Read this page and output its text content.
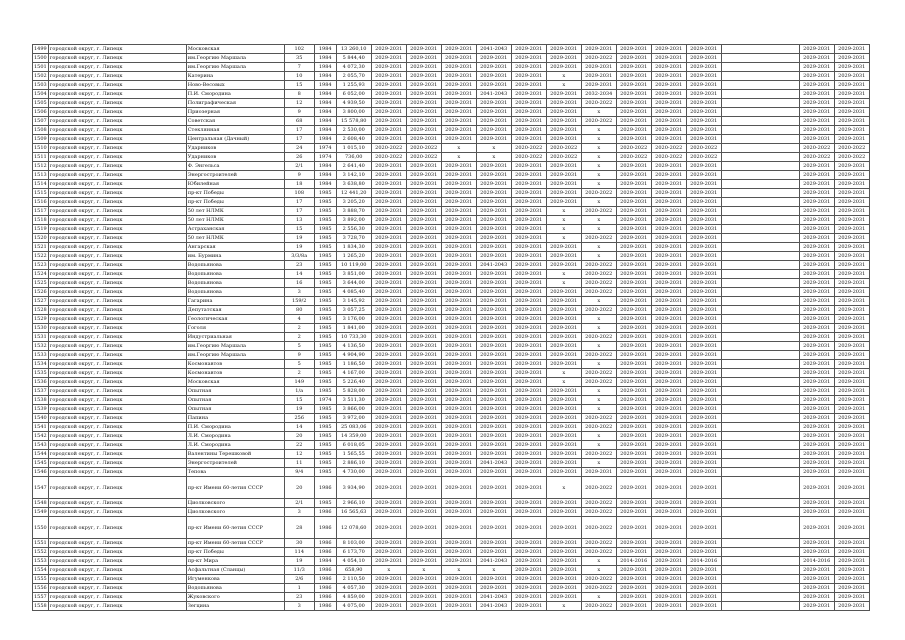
1499	городской округ, г. Липецк	Московская	102	1984	13 260,10	2029-2031	2029-2031	2029-2031	2041-2043	2029-2031	2029-2031	2029-2031	2029-2031	2029-2031	2029-2031		2029-2031	2029-2031
1500	городской округ, г. Липецк	им.Георгию Маршала	35	1984	5 844,40	2029-2031	2029-2031	2029-2031	2029-2031	2029-2031	2029-2031	2020-2022	2029-2031	2029-2031	2029-2031		2029-2031	2029-2031
1501	городской округ, г. Липецк	им.Георгию Маршала	7	1984	4 072,30	2029-2031	2029-2031	2029-2031	2029-2031	2029-2031	2029-2031	2029-2031	2029-2031	2029-2031	2029-2031		2029-2031	2029-2031
1502	городской округ, г. Липецк	Катерина	10	1984	2 055,70	2029-2031	2029-2031	2029-2031	2029-2031	2029-2031	x	2029-2031	2029-2031	2029-2031	2029-2031		2029-2031	2029-2031
1503	городской округ, г. Липецк	Ново-Весовых	15	1984	1 255,93	2029-2031	2029-2031	2029-2031	2029-2031	2029-2031	x	2029-2031	2029-2031	2029-2031	2029-2031		2029-2031	2029-2031
1504	городской округ, г. Липецк	П.И. Смородина	8	1984	6 052,00	2029-2031	2029-2031	2029-2031	2041-2043	2029-2031	2029-2031	2032-2034	2029-2031	2029-2031	2029-2031		2029-2031	2029-2031
1505	городской округ, г. Липецк	Полиграфическая	12	1984	4 939,50	2029-2031	2029-2031	2029-2031	2029-2031	2029-2031	2029-2031	2020-2022	2029-2031	2029-2031	2029-2031		2029-2031	2029-2031
1506	городской округ, г. Липецк	Приозерная	9	1984	3 800,00	2029-2031	2029-2031	2029-2031	2029-2031	2029-2031	2029-2031	x	2029-2031	2029-2031	2029-2031		2029-2031	2029-2031
1507	городской округ, г. Липецк	Советская	68	1984	15 578,80	2029-2031	2029-2031	2029-2031	2029-2031	2029-2031	2029-2031	2020-2022	2029-2031	2029-2031	2029-2031		2029-2031	2029-2031
1508	городской округ, г. Липецк	Стеклянная	17	1984	2 530,00	2029-2031	2029-2031	2029-2031	2029-2031	2029-2031	2029-2031	x	2029-2031	2029-2031	2029-2031		2029-2031	2029-2031
1509	городской округ, г. Липецк	Центральная (Дачный)	17	1984	2 608,40	2029-2031	2029-2031	2029-2031	2029-2031	2029-2031	2029-2031	x	2029-2031	2029-2031	2029-2031		2029-2031	2029-2031
1510	городской округ, г. Липецк	Ударников	24	1974	1 015,10	2020-2022	2020-2022	x	x	2020-2022	2020-2022	x	2020-2022	2020-2022	2020-2022		2020-2022	2020-2022
1511	городской округ, г. Липецк	Ударников	26	1974	736,00	2020-2022	2020-2022	x	x	2020-2022	2020-2022	x	2020-2022	2020-2022	2020-2022		2020-2022	2020-2022
1512	городской округ, г. Липецк	Ф. Энгельса	2/1	1984	2 641,40	2029-2031	2029-2031	2029-2031	2029-2031	2029-2031	2029-2031	x	2029-2031	2029-2031	2029-2031		2029-2031	2029-2031
1513	городской округ, г. Липецк	Энергостроителей	9	1984	3 142,10	2029-2031	2029-2031	2029-2031	2029-2031	2029-2031	2029-2031	x	2029-2031	2029-2031	2029-2031		2029-2031	2029-2031
1514	городской округ, г. Липецк	Юбилейная	18	1984	3 638,80	2029-2031	2029-2031	2029-2031	2029-2031	2029-2031	2029-2031	x	2029-2031	2029-2031	2029-2031		2029-2031	2029-2031
1515	городской округ, г. Липецк	пр-кт Победы	108	1985	12 441,20	2029-2031	2029-2031	2029-2031	2029-2031	2029-2031	2029-2031	2020-2022	2029-2031	2029-2031	2029-2031		2029-2031	2029-2031
1516	городской округ, г. Липецк	пр-кт Победы	17	1985	3 205,20	2029-2031	2029-2031	2029-2031	2029-2031	2029-2031	2029-2031	x	2029-2031	2029-2031	2029-2031		2029-2031	2029-2031
1517	городской округ, г. Липецк	50 лет НЛМК	17	1985	3 888,70	2029-2031	2029-2031	2029-2031	2029-2031	2029-2031	x	2020-2022	2029-2031	2029-2031	2029-2031		2029-2031	2029-2031
1518	городской округ, г. Липецк	50 лет НЛМК	13	1985	3 892,00	2029-2031	2029-2031	2029-2031	2029-2031	2029-2031	x	x	2029-2031	2029-2031	2029-2031		2029-2031	2029-2031
1519	городской округ, г. Липецк	Астраханская	15	1985	2 556,30	2029-2031	2029-2031	2029-2031	2029-2031	2029-2031	x	x	2029-2031	2029-2031	2029-2031		2029-2031	2029-2031
1520	городской округ, г. Липецк	50 лет НЛМК	19	1985	3 728,70	2029-2031	2029-2031	2029-2031	2029-2031	2029-2031	x	2020-2022	2029-2031	2029-2031	2029-2031		2029-2031	2029-2031
1521	городской округ, г. Липецк	Ангарская	19	1985	1 834,30	2029-2031	2029-2031	2029-2031	2029-2031	2029-2031	2029-2031	x	2029-2031	2029-2031	2029-2031		2029-2031	2029-2031
1522	городской округ, г. Липецк	им. Бурмина	3/3/8а	1985	1 265,20	2029-2031	2029-2031	2029-2031	2029-2031	2029-2031	2029-2031	x	2029-2031	2029-2031	2029-2031		2029-2031	2029-2031
1523	городской округ, г. Липецк	Водопьянова	23	1985	10 119,00	2029-2031	2029-2031	2029-2031	2041-2043	2029-2031	2029-2031	2020-2022	2029-2031	2029-2031	2029-2031		2029-2031	2029-2031
1524	городской округ, г. Липецк	Водопьянова	14	1985	3 851,00	2029-2031	2029-2031	2029-2031	2029-2031	2029-2031	x	2020-2022	2029-2031	2029-2031	2029-2031		2029-2031	2029-2031
1525	городской округ, г. Липецк	Водопьянова	16	1985	3 644,00	2029-2031	2029-2031	2029-2031	2029-2031	2029-2031	x	2020-2022	2029-2031	2029-2031	2029-2031		2029-2031	2029-2031
1526	городской округ, г. Липецк	Водопьянова	3	1985	4 085,40	2029-2031	2029-2031	2029-2031	2029-2031	2029-2031	2029-2031	2020-2022	2029-2031	2029-2031	2029-2031		2029-2031	2029-2031
1527	городской округ, г. Липецк	Гагарина	159/2	1985	3 145,92	2029-2031	2029-2031	2029-2031	2029-2031	2029-2031	2029-2031	x	2029-2031	2029-2031	2029-2031		2029-2031	2029-2031
1528	городской округ, г. Липецк	Депутатская	80	1985	3 057,25	2029-2031	2029-2031	2029-2031	2029-2031	2029-2031	2029-2031	2020-2022	2029-2031	2029-2031	2029-2031		2029-2031	2029-2031
1529	городской округ, г. Липецк	Геологическая	4	1985	3 176,00	2029-2031	2029-2031	2029-2031	2029-2031	2029-2031	2029-2031	x	2029-2031	2029-2031	2029-2031		2029-2031	2029-2031
1530	городской округ, г. Липецк	Гоголя	2	1985	1 841,00	2029-2031	2029-2031	2029-2031	2029-2031	2029-2031	2029-2031	x	2029-2031	2029-2031	2029-2031		2029-2031	2029-2031
1531	городской округ, г. Липецк	Индустриальная	2	1985	10 733,30	2029-2031	2029-2031	2029-2031	2029-2031	2029-2031	2029-2031	2020-2022	2029-2031	2029-2031	2029-2031		2029-2031	2029-2031
1532	городской округ, г. Липецк	им.Георгию Маршала	5	1985	4 136,50	2029-2031	2029-2031	2029-2031	2029-2031	2029-2031	2029-2031	x	2029-2031	2029-2031	2029-2031		2029-2031	2029-2031
1533	городской округ, г. Липецк	им.Георгию Маршала	9	1985	4 904,90	2029-2031	2029-2031	2029-2031	2029-2031	2029-2031	2029-2031	2020-2022	2029-2031	2029-2031	2029-2031		2029-2031	2029-2031
1534	городской округ, г. Липецк	Космонавтов	5	1985	1 186,50	2029-2031	2029-2031	2029-2031	2029-2031	2029-2031	2029-2031	x	2029-2031	2029-2031	2029-2031		2029-2031	2029-2031
1535	городской округ, г. Липецк	Космонавтов	2	1985	4 167,00	2029-2031	2029-2031	2029-2031	2029-2031	2029-2031	x	2020-2022	2029-2031	2029-2031	2029-2031		2029-2031	2029-2031
1536	городской округ, г. Липецк	Московская	149	1985	5 226,40	2029-2031	2029-2031	2029-2031	2029-2031	2029-2031	x	2020-2022	2029-2031	2029-2031	2029-2031		2029-2031	2029-2031
1537	городской округ, г. Липецк	Опытная	1/а	1985	5 828,00	2029-2031	2029-2031	2029-2031	2029-2031	2029-2031	2029-2031	x	2029-2031	2029-2031	2029-2031		2029-2031	2029-2031
1538	городской округ, г. Липецк	Опытная	15	1974	3 511,30	2029-2031	2029-2031	2029-2031	2029-2031	2029-2031	2029-2031	x	2029-2031	2029-2031	2029-2031		2029-2031	2029-2031
1539	городской округ, г. Липецк	Опытная	19	1985	3 866,00	2029-2031	2029-2031	2029-2031	2029-2031	2029-2031	2029-2031	x	2029-2031	2029-2031	2029-2031		2029-2031	2029-2031
1540	городской округ, г. Липецк	Папина	256	1985	3 972,00	2029-2031	2029-2031	2029-2031	2029-2031	2029-2031	2029-2031	2020-2022	2029-2031	2029-2031	2029-2031		2029-2031	2029-2031
1541	городской округ, г. Липецк	П.И. Смородина	14	1985	25 083,06	2029-2031	2029-2031	2029-2031	2029-2031	2029-2031	2029-2031	2020-2022	2029-2031	2029-2031	2029-2031		2029-2031	2029-2031
1542	городской округ, г. Липецк	Л.И. Смородина	20	1985	14 359,00	2029-2031	2029-2031	2029-2031	2029-2031	2029-2031	2029-2031	x	2029-2031	2029-2031	2029-2031		2029-2031	2029-2031
1543	городской округ, г. Липецк	Л.И. Смородина	22	1985	6 018,05	2029-2031	2029-2031	2029-2031	2029-2031	2029-2031	2029-2031	x	2029-2031	2029-2031	2029-2031		2029-2031	2029-2031
1544	городской округ, г. Липецк	Валентины Терешковой	12	1985	1 565,55	2029-2031	2029-2031	2029-2031	2029-2031	2029-2031	2029-2031	2020-2022	2029-2031	2029-2031	2029-2031		2029-2031	2029-2031
1545	городской округ, г. Липецк	Энергостроителей	11	1985	2 886,10	2029-2031	2029-2031	2029-2031	2041-2043	2029-2031	2029-2031	x	2029-2031	2029-2031	2029-2031		2029-2031	2029-2031
1546	городской округ, г. Липецк	Тепова	9/4	1985	4 730,00	2029-2031	2029-2031	2029-2031	2029-2031	2029-2031	2029-2031	2029-2031	2029-2031	2029-2031	2029-2031		2029-2031	2029-2031
1547	городской округ, г. Липецк	пр-кт Имени 60-летия СССР	20	1986	3 934,90	2029-2031	2029-2031	2029-2031	2029-2031	2029-2031	x	2020-2022	2029-2031	2029-2031	2029-2031		2029-2031	2029-2031
1548	городской округ, г. Липецк	Циолковского	2/1	1985	2 966,10	2029-2031	2029-2031	2029-2031	2029-2031	2029-2031	2029-2031	2020-2022	2029-2031	2029-2031	2029-2031		2029-2031	2029-2031
1549	городской округ, г. Липецк	Циолковского	3	1986	16 565,63	2029-2031	2029-2031	2029-2031	2029-2031	2029-2031	2029-2031	2020-2022	2029-2031	2029-2031	2029-2031		2029-2031	2029-2031
1550	городской округ, г. Липецк	пр-кт Имени 60-летия СССР	28	1986	12 078,60	2029-2031	2029-2031	2029-2031	2029-2031	2029-2031	2029-2031	2020-2022	2029-2031	2029-2031	2029-2031		2029-2031	2029-2031
1551	городской округ, г. Липецк	пр-кт Имени 60-летия СССР	30	1986	8 103,00	2029-2031	2029-2031	2029-2031	2029-2031	2029-2031	2029-2031	2020-2022	2029-2031	2029-2031	2029-2031		2029-2031	2029-2031
1552	городской округ, г. Липецк	пр-кт Победы	114	1986	6 173,70	2029-2031	2029-2031	2029-2031	2029-2031	2029-2031	2029-2031	2020-2022	2029-2031	2029-2031	2029-2031		2029-2031	2029-2031
1553	городской округ, г. Липецк	пр-кт Мира	19	1984	4 054,10	2029-2031	2029-2031	2029-2031	2041-2043	2029-2031	2029-2031	x	2014-2016	2029-2031	2014-2016		2014-2016	2029-2031
1554	городской округ, г. Липецк	Асфальтная (Сланцы)	11/3	1986	658,90	x	x	x	x	2029-2031	2029-2031	x	2029-2031	2029-2031	2029-2031		2029-2031	2029-2031
1555	городской округ, г. Липецк	Игуменкова	2/6	1986	2 110,50	2029-2031	2029-2031	2029-2031	2029-2031	2029-2031	2029-2031	2020-2022	2029-2031	2029-2031	2029-2031		2029-2031	2029-2031
1556	городской округ, г. Липецк	Водопьянова	1	1986	4 057,30	2029-2031	2029-2031	2029-2031	2029-2031	2029-2031	2029-2031	2020-2022	2029-2031	2029-2031	2029-2031		2029-2031	2029-2031
1557	городской округ, г. Липецк	Жуковского	23	1986	4 859,00	2029-2031	2029-2031	2029-2031	2041-2043	2029-2031	2029-2031	x	2029-2031	2029-2031	2029-2031		2029-2031	2029-2031
1558	городской округ, г. Липецк	Зегцина	3	1986	4 075,00	2029-2031	2029-2031	2029-2031	2041-2043	2029-2031	x	2020-2022	2029-2031	2029-2031	2029-2031		2029-2031	2029-2031
